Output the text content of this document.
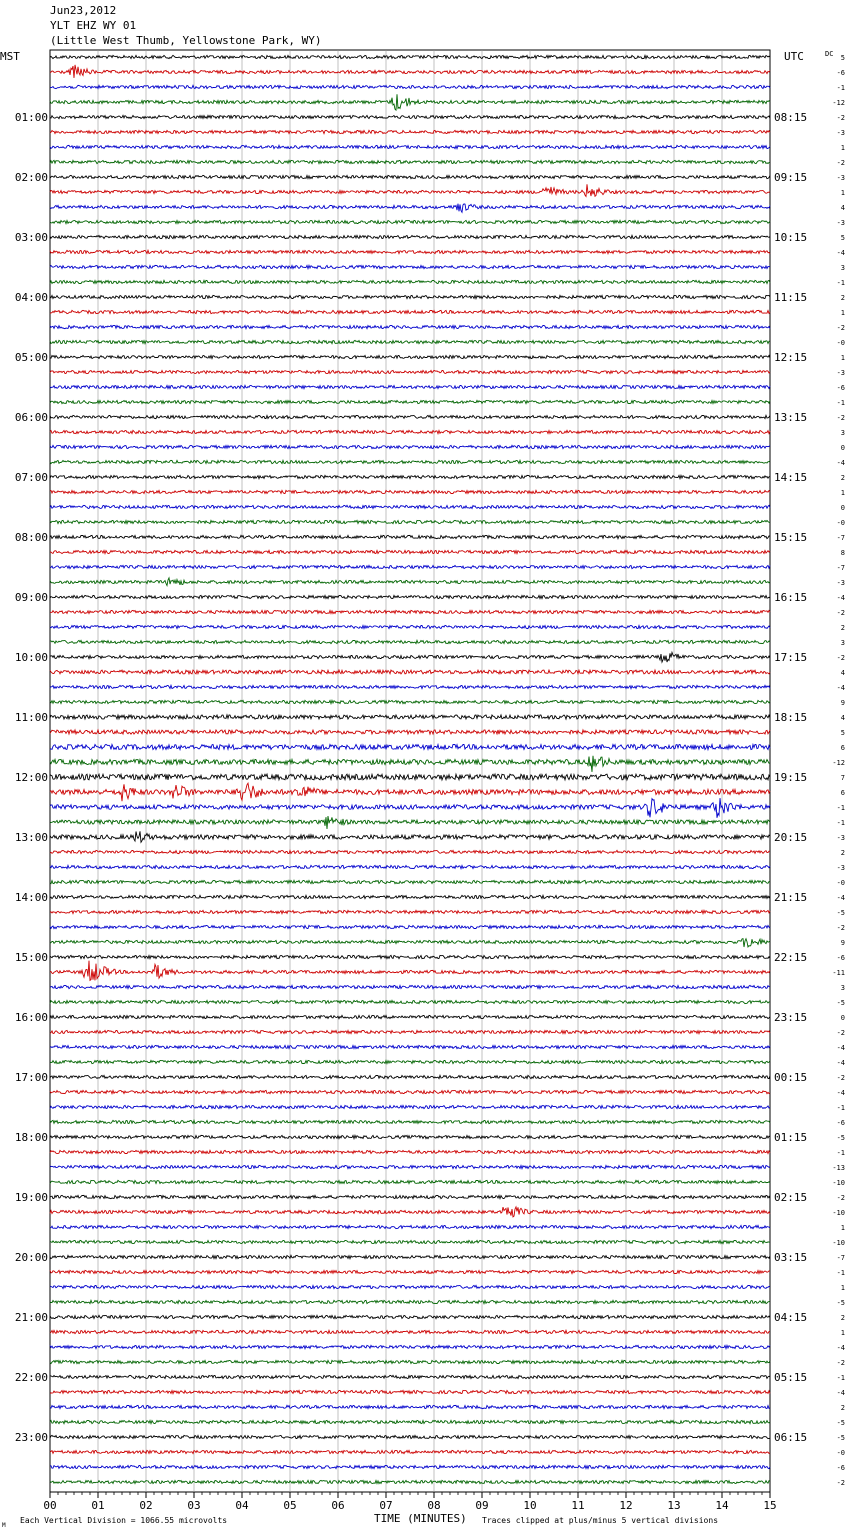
Jun23,2012
YLT EHZ WY 01
(Little West Thumb, Yellowstone Park, WY)
00	01	02	03	04	05	06	07	08	09	10	11	12	13	14	15
5
-6
-1
-12
-2
-3
1
-2
-3
1
4
-3
5
-4
3
-1
2
1
-2
-0
1
-3
-6
-1
-2
3
0
-4
2
1
0
-0
-7
8
-7
-3
-4
-2
2
3
-2
4
-4
9
4
5
6
-12
7
6
-1
-1
-3
2
-3
-0
-4
-5
-2
9
-6
-11
3
-5
0
-2
-4
-4
-2
-4
-1
-6
-5
-1
-13
-10
-2
-10
1
-10
-7
-1
1
-5
2
1
-4
-2
-1
-4
2
-5
-5
-0
-6
-2
01:00
02:00
03:00
04:00
05:00
06:00
07:00
08:00
09:00
10:00
11:00
12:00
13:00
14:00
15:00
16:00
17:00
18:00
19:00
20:00
21:00
22:00
23:00
08:15
09:15
10:15
11:15
12:15
13:15
14:15
15:15
16:15
17:15
18:15
19:15
20:15
21:15
22:15
23:15
00:15
01:15
02:15
03:15
04:15
05:15
06:15
MST	UTC	DC
TIME (MINUTES)
Each Vertical Division = 1066.55 microvolts	Traces clipped at plus/minus 5 vertical divisions
M
